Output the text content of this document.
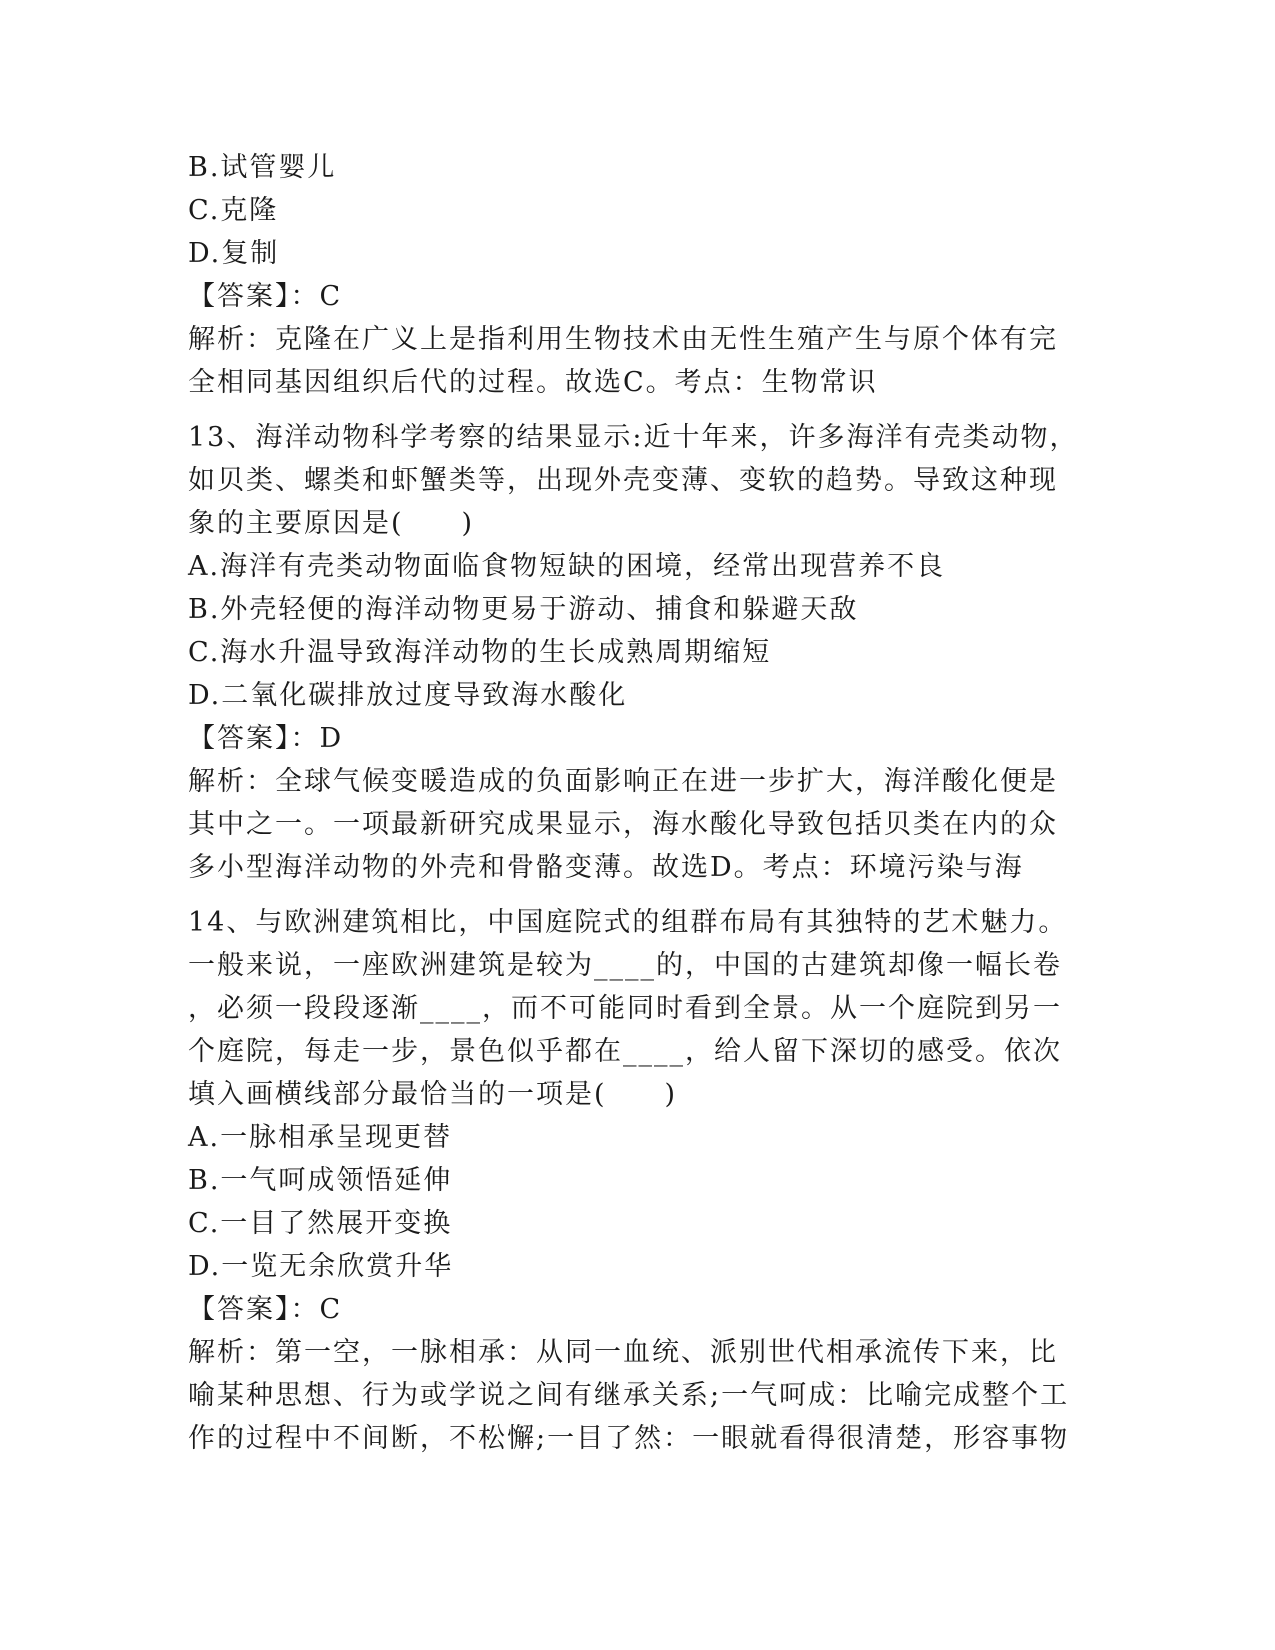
B.试管婴儿
C.克隆
D.复制
【答案】：C
解析：克隆在广义上是指利用生物技术由无性生殖产生与原个体有完
全相同基因组织后代的过程。故选C。考点：生物常识
13、海洋动物科学考察的结果显示:近十年来，许多海洋有壳类动物，
如贝类、螺类和虾蟹类等，出现外壳变薄、变软的趋势。导致这种现
象的主要原因是(　　)
A.海洋有壳类动物面临食物短缺的困境，经常出现营养不良
B.外壳轻便的海洋动物更易于游动、捕食和躲避天敌
C.海水升温导致海洋动物的生长成熟周期缩短
D.二氧化碳排放过度导致海水酸化
【答案】：D
解析：全球气候变暖造成的负面影响正在进一步扩大，海洋酸化便是
其中之一。一项最新研究成果显示，海水酸化导致包括贝类在内的众
多小型海洋动物的外壳和骨骼变薄。故选D。考点：环境污染与海
14、与欧洲建筑相比，中国庭院式的组群布局有其独特的艺术魅力。
一般来说，一座欧洲建筑是较为____的，中国的古建筑却像一幅长卷
，必须一段段逐渐____，而不可能同时看到全景。从一个庭院到另一
个庭院，每走一步，景色似乎都在____，给人留下深切的感受。依次
填入画横线部分最恰当的一项是(　　)
A.一脉相承呈现更替
B.一气呵成领悟延伸
C.一目了然展开变换
D.一览无余欣赏升华
【答案】：C
解析：第一空，一脉相承：从同一血统、派别世代相承流传下来，比
喻某种思想、行为或学说之间有继承关系;一气呵成：比喻完成整个工
作的过程中不间断，不松懈;一目了然：一眼就看得很清楚，形容事物
